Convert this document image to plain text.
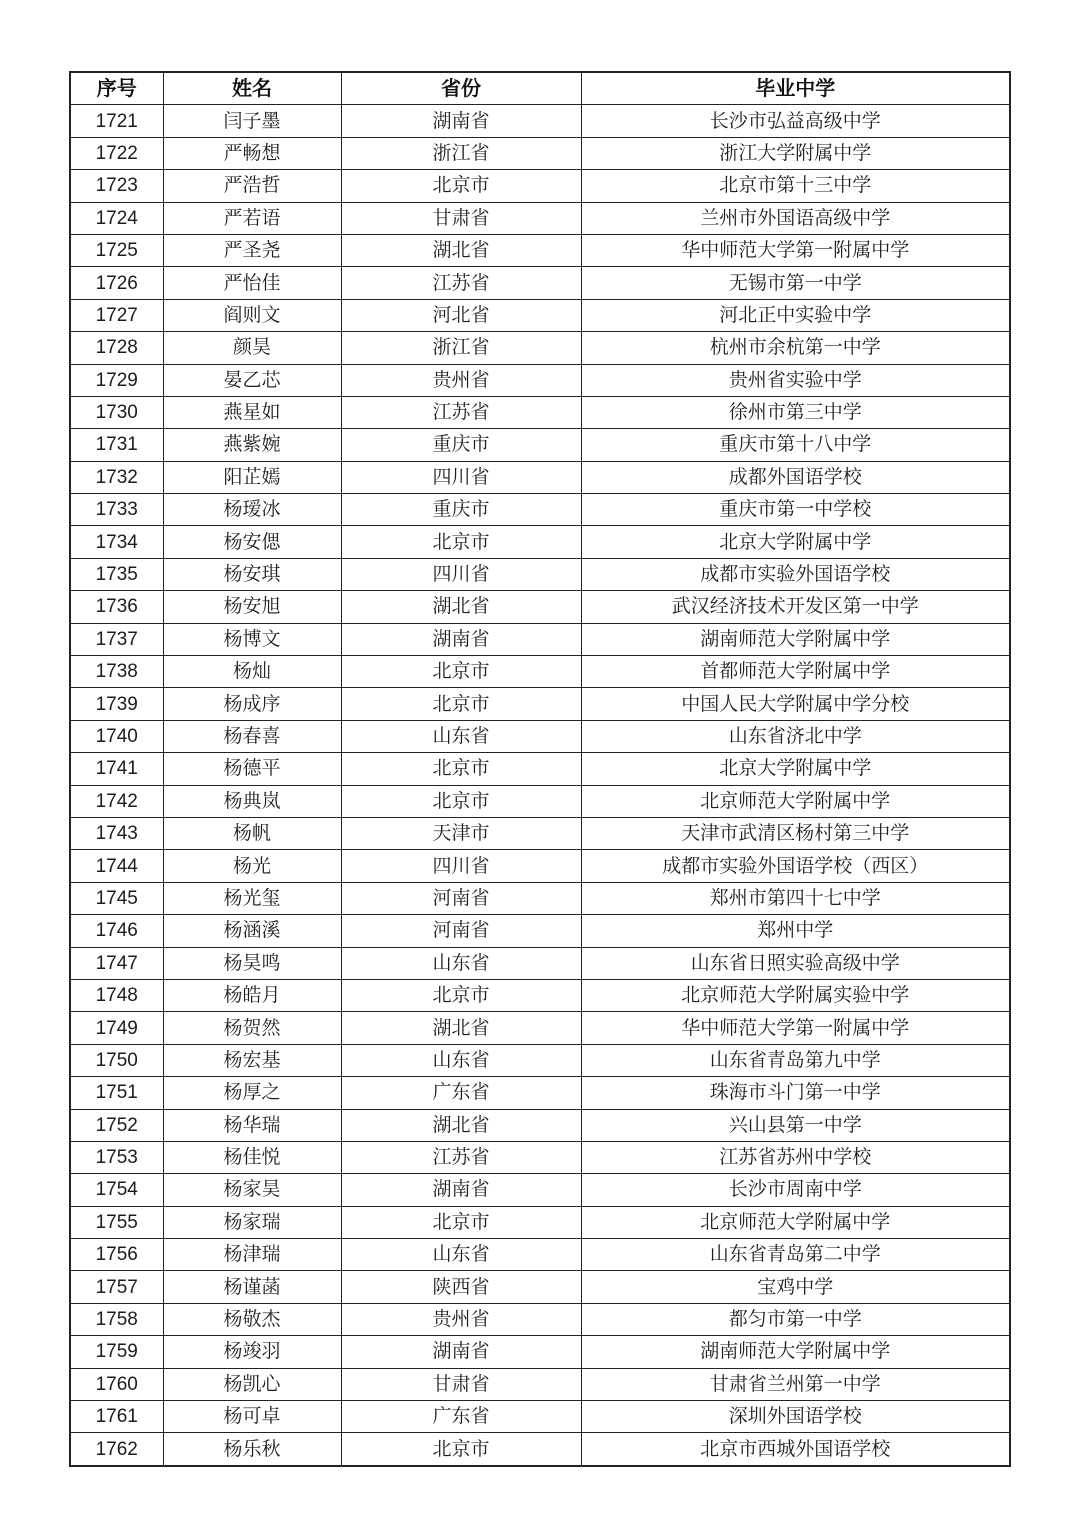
序号	姓名	省份	毕业中学
1721	闫子墨	湖南省	长沙市弘益高级中学
1722	严畅想	浙江省	浙江大学附属中学
1723	严浩哲	北京市	北京市第十三中学
1724	严若语	甘肃省	兰州市外国语高级中学
1725	严圣尧	湖北省	华中师范大学第一附属中学
1726	严怡佳	江苏省	无锡市第一中学
1727	阎则文	河北省	河北正中实验中学
1728	颜昊	浙江省	杭州市余杭第一中学
1729	晏乙芯	贵州省	贵州省实验中学
1730	燕星如	江苏省	徐州市第三中学
1731	燕紫婉	重庆市	重庆市第十八中学
1732	阳芷嫣	四川省	成都外国语学校
1733	杨瑷冰	重庆市	重庆市第一中学校
1734	杨安偲	北京市	北京大学附属中学
1735	杨安琪	四川省	成都市实验外国语学校
1736	杨安旭	湖北省	武汉经济技术开发区第一中学
1737	杨博文	湖南省	湖南师范大学附属中学
1738	杨灿	北京市	首都师范大学附属中学
1739	杨成序	北京市	中国人民大学附属中学分校
1740	杨春喜	山东省	山东省济北中学
1741	杨德平	北京市	北京大学附属中学
1742	杨典岚	北京市	北京师范大学附属中学
1743	杨帆	天津市	天津市武清区杨村第三中学
1744	杨光	四川省	成都市实验外国语学校（西区）
1745	杨光玺	河南省	郑州市第四十七中学
1746	杨涵溪	河南省	郑州中学
1747	杨昊鸣	山东省	山东省日照实验高级中学
1748	杨皓月	北京市	北京师范大学附属实验中学
1749	杨贺然	湖北省	华中师范大学第一附属中学
1750	杨宏基	山东省	山东省青岛第九中学
1751	杨厚之	广东省	珠海市斗门第一中学
1752	杨华瑞	湖北省	兴山县第一中学
1753	杨佳悦	江苏省	江苏省苏州中学校
1754	杨家昊	湖南省	长沙市周南中学
1755	杨家瑞	北京市	北京师范大学附属中学
1756	杨津瑞	山东省	山东省青岛第二中学
1757	杨谨菡	陕西省	宝鸡中学
1758	杨敬杰	贵州省	都匀市第一中学
1759	杨竣羽	湖南省	湖南师范大学附属中学
1760	杨凯心	甘肃省	甘肃省兰州第一中学
1761	杨可卓	广东省	深圳外国语学校
1762	杨乐秋	北京市	北京市西城外国语学校
